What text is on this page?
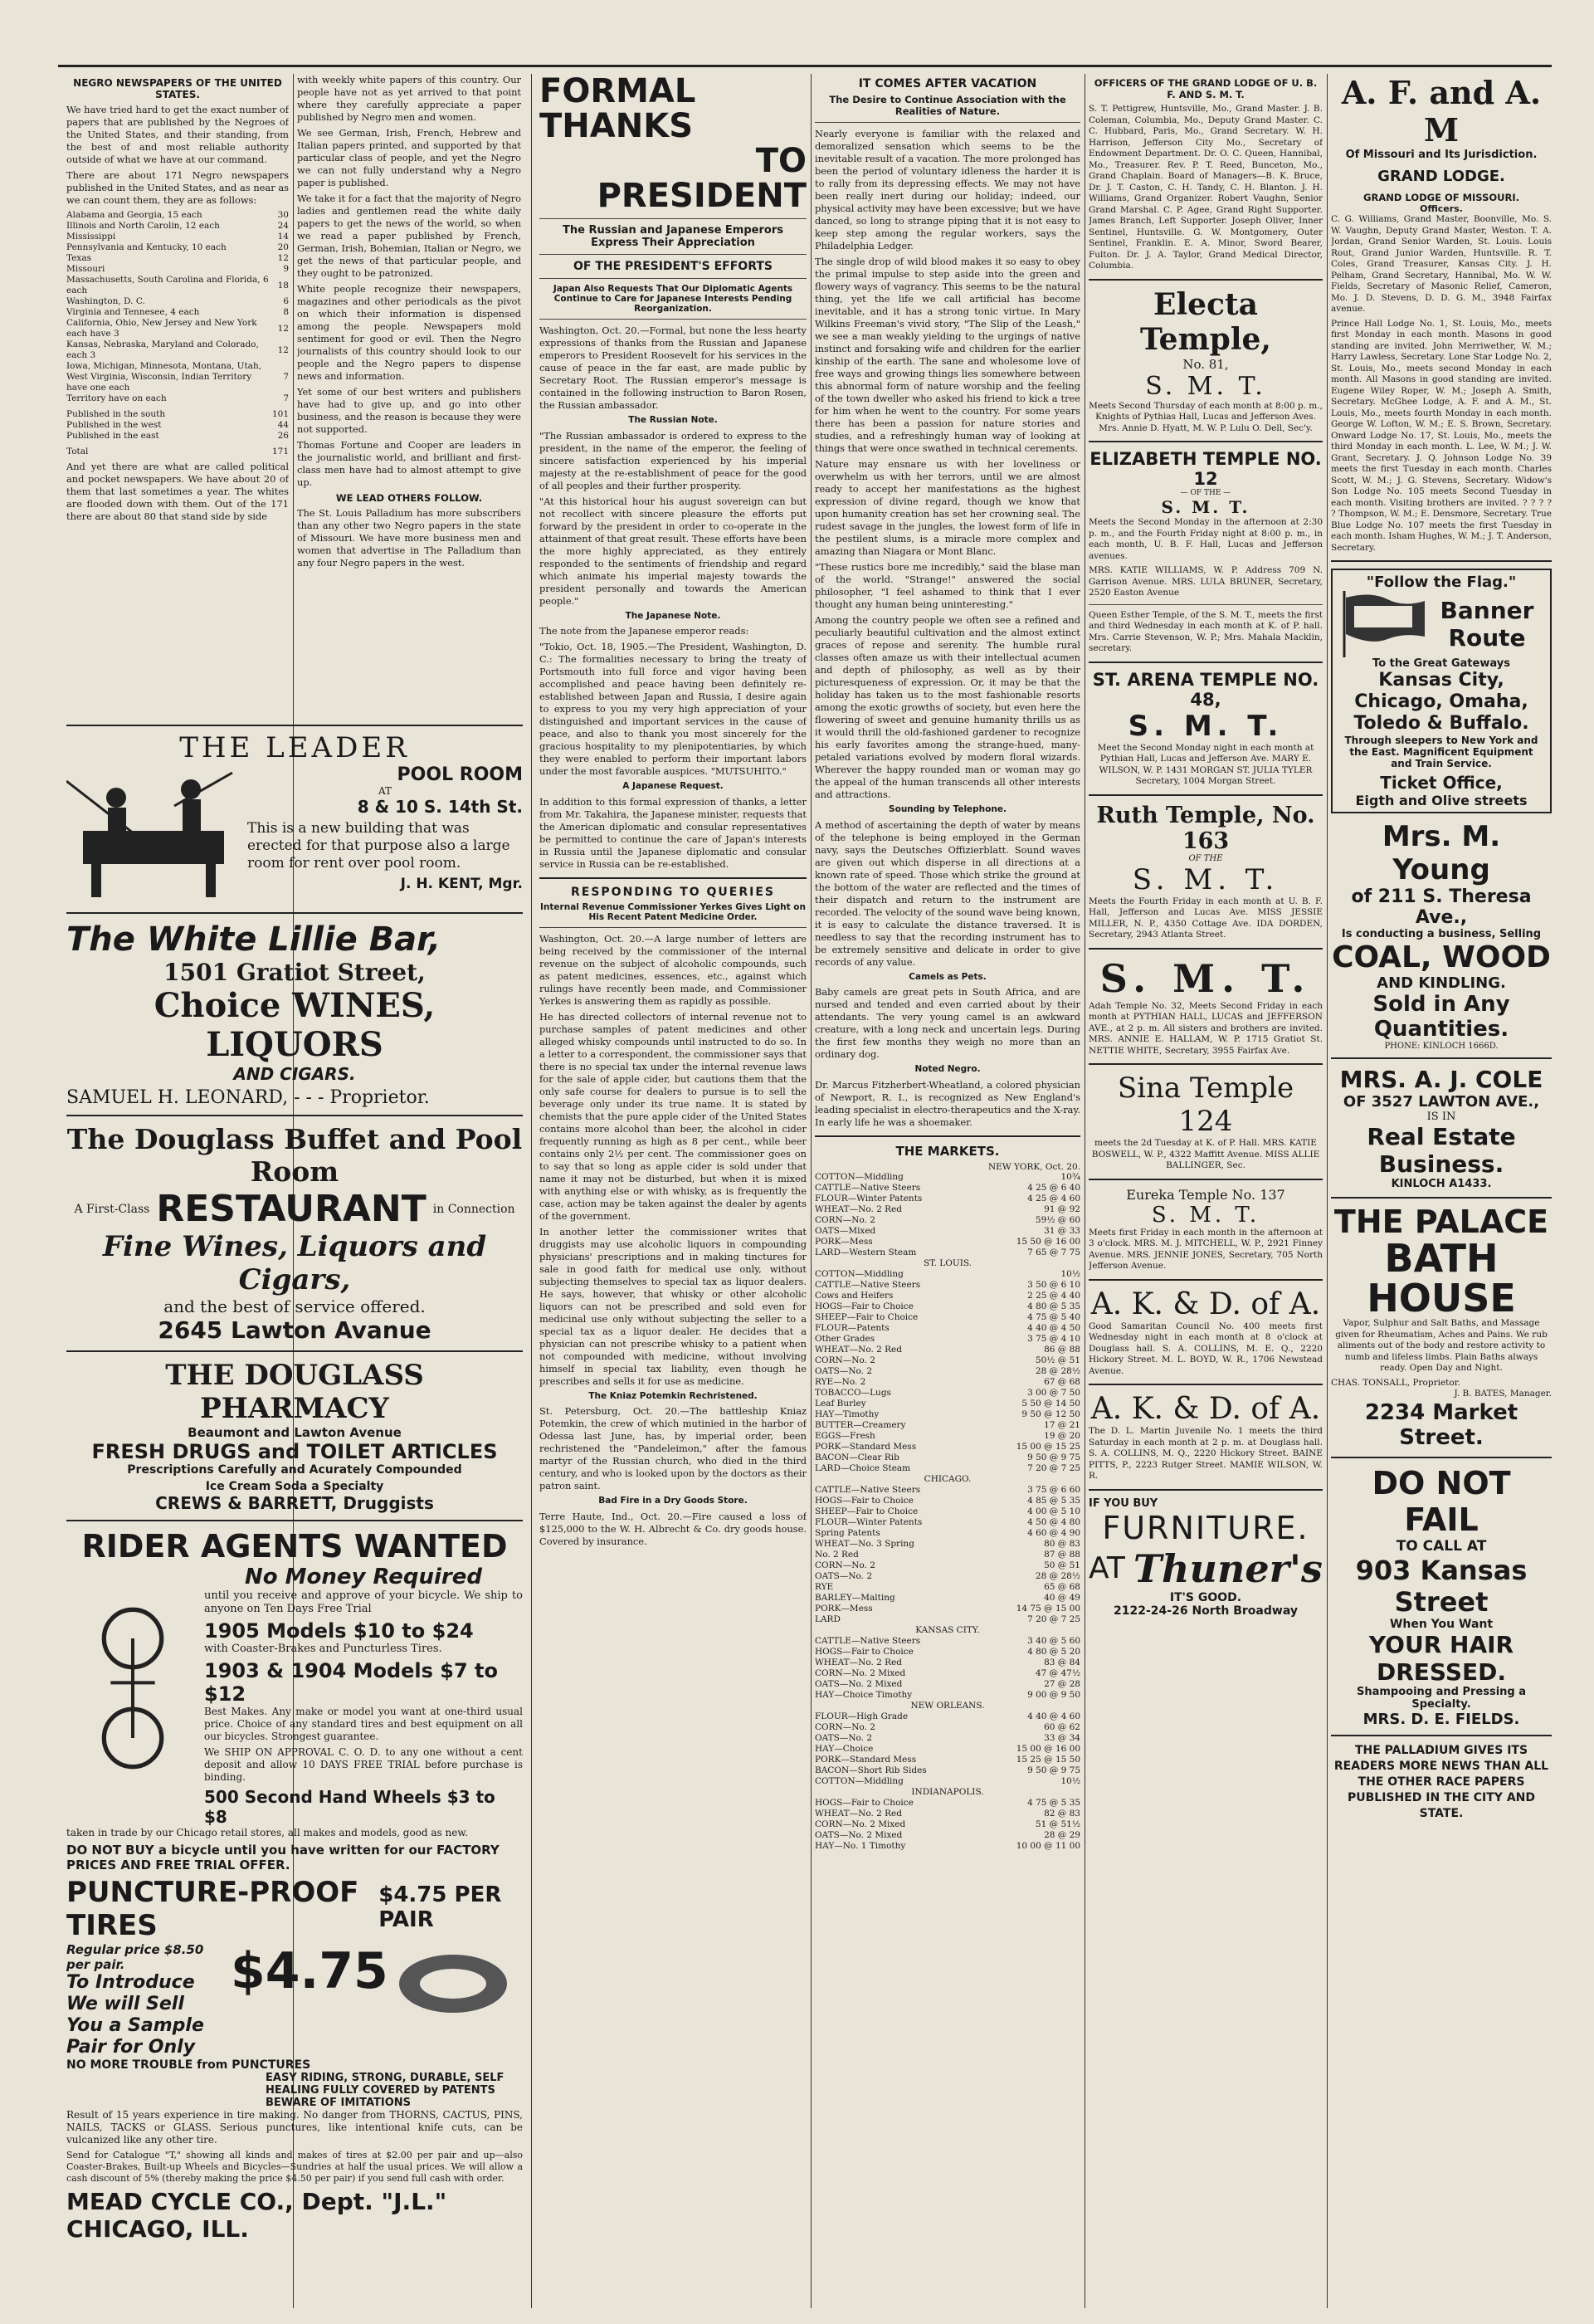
NEGRO NEWSPAPERS OF THE UNITED STATES.

We have tried hard to get the exact number of papers that are published by the Negroes of the United States, and their standing, from the best of and most reliable authority outside of what we have at our command.

There are about 171 Negro newspapers published in the United States, and as near as we can count them, they are as follows:

Alabama and Georgia, 15 each	30
Illinois and North Carolin, 12 each	24
Mississippi	14
Pennsylvania and Kentucky, 10 each	20
Texas	12
Missouri	9
Massachusetts, South Carolina and Florida, 6 each	18
Washington, D. C.	6
Virginia and Tennesee, 4 each	8
California, Ohio, New Jersey and New York each have 3	12
Kansas, Nebraska, Maryland and Colorado, each 3	12
Iowa, Michigan, Minnesota, Montana, Utah, West Virginia, Wisconsin, Indian Territory have one each	7
Territory have on each	7
Published in the south	101
Published in the west	44
Published in the east	26
Total	171

And yet there are what are called political and pocket newspapers. We have about 20 of them that last sometimes a year. The whites are flooded down with them. Out of the 171 there are about 80 that stand side by side

with weekly white papers of this country. Our people have not as yet arrived to that point where they carefully appreciate a paper published by Negro men and women.

We see German, Irish, French, Hebrew and Italian papers printed, and supported by that particular class of people, and yet the Negro we can not fully understand why a Negro paper is published.

We take it for a fact that the majority of Negro ladies and gentlemen read the white daily papers to get the news of the world, so when we read a paper published by French, German, Irish, Bohemian, Italian or Negro, we get the news of that particular people, and they ought to be patronized.

White people recognize their newspapers, magazines and other periodicals as the pivot on which their information is dispensed among the people. Newspapers mold sentiment for good or evil. Then the Negro journalists of this country should look to our people and the Negro papers to dispense news and information.

Yet some of our best writers and publishers have had to give up, and go into other business, and the reason is because they were not supported.

Thomas Fortune and Cooper are leaders in the journalistic world, and brilliant and first-class men have had to almost attempt to give up.

WE LEAD OTHERS FOLLOW.

The St. Louis Palladium has more subscribers than any other two Negro papers in the state of Missouri. We have more business men and women that advertise in The Palladium than any four Negro papers in the west.

THE LEADER
POOL ROOM
AT
8 & 10 S. 14th St.

This is a new building that was erected for that purpose also a large room for rent over pool room.

J. H. KENT, Mgr.
The White Lillie Bar,
1501 Gratiot Street,
Choice WINES, LIQUORS
AND CIGARS.
SAMUEL H. LEONARD, - - - Proprietor.
The Douglass Buffet and Pool Room
A First-Class RESTAURANT in Connection
Fine Wines, Liquors and Cigars,
and the best of service offered.
2645 Lawton Avanue
THE DOUGLASS PHARMACY
Beaumont and Lawton Avenue
FRESH DRUGS and TOILET ARTICLES
Prescriptions Carefully and Acurately Compounded
Ice Cream Soda a Specialty
CREWS & BARRETT, Druggists
RIDER AGENTS WANTED
No Money Required

until you receive and approve of your bicycle. We ship to anyone on Ten Days Free Trial

1905 Models $10 to $24

with Coaster-Brakes and Puncturless Tires.

1903 & 1904 Models $7 to $12

Best Makes. Any make or model you want at one-third usual price. Choice of any standard tires and best equipment on all our bicycles. Strongest guarantee.

We SHIP ON APPROVAL C. O. D. to any one without a cent deposit and allow 10 DAYS FREE TRIAL before purchase is binding.

500 Second Hand Wheels $3 to $8

taken in trade by our Chicago retail stores, all makes and models, good as new.

DO NOT BUY a bicycle until you have written for our FACTORY PRICES AND FREE TRIAL OFFER.
PUNCTURE-PROOF TIRES
$4.75 PER PAIR
Regular price $8.50 per pair.
To Introduce We will Sell You a Sample Pair for Only
$4.75
NO MORE TROUBLE from PUNCTURES
EASY RIDING, STRONG, DURABLE, SELF HEALING FULLY COVERED by PATENTS BEWARE OF IMITATIONS

Result of 15 years experience in tire making. No danger from THORNS, CACTUS, PINS, NAILS, TACKS or GLASS. Serious punctures, like intentional knife cuts, can be vulcanized like any other tire.

Send for Catalogue "T," showing all kinds and makes of tires at $2.00 per pair and up—also Coaster-Brakes, Built-up Wheels and Bicycles—Sundries at half the usual prices. We will allow a cash discount of 5% (thereby making the price $4.50 per pair) if you send full cash with order.

MEAD CYCLE CO., Dept. "J.L." CHICAGO, ILL.
FORMAL THANKS
TO PRESIDENT
The Russian and Japanese Emperors Express Their Appreciation
OF THE PRESIDENT'S EFFORTS
Japan Also Requests That Our Diplomatic Agents Continue to Care for Japanese Interests Pending Reorganization.

Washington, Oct. 20.—Formal, but none the less hearty expressions of thanks from the Russian and Japanese emperors to President Roosevelt for his services in the cause of peace in the far east, are made public by Secretary Root. The Russian emperor's message is contained in the following instruction to Baron Rosen, the Russian ambassador.

The Russian Note.

"The Russian ambassador is ordered to express to the president, in the name of the emperor, the feeling of sincere satisfaction experienced by his imperial majesty at the re-establishment of peace for the good of all peoples and their further prosperity.

"At this historical hour his august sovereign can but not recollect with sincere pleasure the efforts put forward by the president in order to co-operate in the attainment of that great result. These efforts have been the more highly appreciated, as they entirely responded to the sentiments of friendship and regard which animate his imperial majesty towards the president personally and towards the American people."

The Japanese Note.

The note from the Japanese emperor reads:

"Tokio, Oct. 18, 1905.—The President, Washington, D. C.: The formalities necessary to bring the treaty of Portsmouth into full force and vigor having been accomplished and peace having been definitely re-established between Japan and Russia, I desire again to express to you my very high appreciation of your distinguished and important services in the cause of peace, and also to thank you most sincerely for the gracious hospitality to my plenipotentiaries, by which they were enabled to perform their important labors under the most favorable auspices. "MUTSUHITO."

A Japanese Request.

In addition to this formal expression of thanks, a letter from Mr. Takahira, the Japanese minister, requests that the American diplomatic and consular representatives be permitted to continue the care of Japan's interests in Russia until the Japanese diplomatic and consular service in Russia can be re-established.

RESPONDING TO QUERIES
Internal Revenue Commissioner Yerkes Gives Light on His Recent Patent Medicine Order.

Washington, Oct. 20.—A large number of letters are being received by the commissioner of the internal revenue on the subject of alcoholic compounds, such as patent medicines, essences, etc., against which rulings have recently been made, and Commissioner Yerkes is answering them as rapidly as possible.

He has directed collectors of internal revenue not to purchase samples of patent medicines and other alleged whisky compounds until instructed to do so. In a letter to a correspondent, the commissioner says that there is no special tax under the internal revenue laws for the sale of apple cider, but cautions them that the only safe course for dealers to pursue is to sell the beverage only under its true name. It is stated by chemists that the pure apple cider of the United States contains more alcohol than beer, the alcohol in cider frequently running as high as 8 per cent., while beer contains only 2½ per cent. The commissioner goes on to say that so long as apple cider is sold under that name it may not be disturbed, but when it is mixed with anything else or with whisky, as is frequently the case, action may be taken against the dealer by agents of the government.

In another letter the commissioner writes that druggists may use alcoholic liquors in compounding physicians' prescriptions and in making tinctures for sale in good faith for medical use only, without subjecting themselves to special tax as liquor dealers. He says, however, that whisky or other alcoholic liquors can not be prescribed and sold even for medicinal use only without subjecting the seller to a special tax as a liquor dealer. He decides that a physician can not prescribe whisky to a patient when not compounded with medicine, without involving himself in special tax liability, even though he prescribes and sells it for use as medicine.

The Kniaz Potemkin Rechristened.

St. Petersburg, Oct. 20.—The battleship Kniaz Potemkin, the crew of which mutinied in the harbor of Odessa last June, has, by imperial order, been rechristened the "Pandeleimon," after the famous martyr of the Russian church, who died in the third century, and who is looked upon by the doctors as their patron saint.

Bad Fire in a Dry Goods Store.

Terre Haute, Ind., Oct. 20.—Fire caused a loss of $125,000 to the W. H. Albrecht & Co. dry goods house. Covered by insurance.

IT COMES AFTER VACATION
The Desire to Continue Association with the Realities of Nature.

Nearly everyone is familiar with the relaxed and demoralized sensation which seems to be the inevitable result of a vacation. The more prolonged has been the period of voluntary idleness the harder it is to rally from its depressing effects. We may not have been really inert during our holiday; indeed, our physical activity may have been excessive; but we have danced, so long to strange piping that it is not easy to keep step among the regular workers, says the Philadelphia Ledger.

The single drop of wild blood makes it so easy to obey the primal impulse to step aside into the green and flowery ways of vagrancy. This seems to be the natural thing, yet the life we call artificial has become inevitable, and it has a strong tonic virtue. In Mary Wilkins Freeman's vivid story, "The Slip of the Leash," we see a man weakly yielding to the urgings of native instinct and forsaking wife and children for the earlier kinship of the earth. The sane and wholesome love of free ways and growing things lies somewhere between this abnormal form of nature worship and the feeling of the town dweller who asked his friend to kick a tree for him when he went to the country. For some years there has been a passion for nature stories and studies, and a refreshingly human way of looking at things that were once swathed in technical cerements.

Nature may ensnare us with her loveliness or overwhelm us with her terrors, until we are almost ready to accept her manifestations as the highest expression of divine regard, though we know that upon humanity creation has set her crowning seal. The rudest savage in the jungles, the lowest form of life in the pestilent slums, is a miracle more complex and amazing than Niagara or Mont Blanc.

"These rustics bore me incredibly," said the blase man of the world. "Strange!" answered the social philosopher, "I feel ashamed to think that I ever thought any human being uninteresting."

Among the country people we often see a refined and peculiarly beautiful cultivation and the almost extinct graces of repose and serenity. The humble rural classes often amaze us with their intellectual acumen and depth of philosophy, as well as by their picturesqueness of expression. Or, it may be that the holiday has taken us to the most fashionable resorts among the exotic growths of society, but even here the flowering of sweet and genuine humanity thrills us as it would thrill the old-fashioned gardener to recognize his early favorites among the strange-hued, many-petaled variations evolved by modern floral wizards. Wherever the happy rounded man or woman may go the appeal of the human transcends all other interests and attractions.

Sounding by Telephone.

A method of ascertaining the depth of water by means of the telephone is being employed in the German navy, says the Deutsches Offizierblatt. Sound waves are given out which disperse in all directions at a known rate of speed. Those which strike the ground at the bottom of the water are reflected and the times of their dispatch and return to the instrument are recorded. The velocity of the sound wave being known, it is easy to calculate the distance traversed. It is needless to say that the recording instrument has to be extremely sensitive and delicate in order to give records of any value.

Camels as Pets.

Baby camels are great pets in South Africa, and are nursed and tended and even carried about by their attendants. The very young camel is an awkward creature, with a long neck and uncertain legs. During the first few months they weigh no more than an ordinary dog.

Noted Negro.

Dr. Marcus Fitzherbert-Wheatland, a colored physician of Newport, R. I., is recognized as New England's leading specialist in electro-therapeutics and the X-ray. In early life he was a shoemaker.

THE MARKETS.
NEW YORK, Oct. 20.
COTTON—Middling	10¾
CATTLE—Native Steers	4 25 @ 6 40
FLOUR—Winter Patents	4 25 @ 4 60
WHEAT—No. 2 Red	91 @ 92
CORN—No. 2	59½ @ 60
OATS—Mixed	31 @ 33
PORK—Mess	15 50 @ 16 00
LARD—Western Steam	7 65 @ 7 75
ST. LOUIS.	
COTTON—Middling	10½
CATTLE—Native Steers	3 50 @ 6 10
Cows and Heifers	2 25 @ 4 40
HOGS—Fair to Choice	4 80 @ 5 35
SHEEP—Fair to Choice	4 75 @ 5 40
FLOUR—Patents	4 40 @ 4 50
Other Grades	3 75 @ 4 10
WHEAT—No. 2 Red	86 @ 88
CORN—No. 2	50½ @ 51
OATS—No. 2	28 @ 28½
RYE—No. 2	67 @ 68
TOBACCO—Lugs	3 00 @ 7 50
Leaf Burley	5 50 @ 14 50
HAY—Timothy	9 50 @ 12 50
BUTTER—Creamery	17 @ 21
EGGS—Fresh	19 @ 20
PORK—Standard Mess	15 00 @ 15 25
BACON—Clear Rib	9 50 @ 9 75
LARD—Choice Steam	7 20 @ 7 25
CHICAGO.	
CATTLE—Native Steers	3 75 @ 6 60
HOGS—Fair to Choice	4 85 @ 5 35
SHEEP—Fair to Choice	4 00 @ 5 10
FLOUR—Winter Patents	4 50 @ 4 80
Spring Patents	4 60 @ 4 90
WHEAT—No. 3 Spring	80 @ 83
No. 2 Red	87 @ 88
CORN—No. 2	50 @ 51
OATS—No. 2	28 @ 28½
RYE	65 @ 68
BARLEY—Malting	40 @ 49
PORK—Mess	14 75 @ 15 00
LARD	7 20 @ 7 25
KANSAS CITY.	
CATTLE—Native Steers	3 40 @ 5 60
HOGS—Fair to Choice	4 80 @ 5 20
WHEAT—No. 2 Red	83 @ 84
CORN—No. 2 Mixed	47 @ 47½
OATS—No. 2 Mixed	27 @ 28
HAY—Choice Timothy	9 00 @ 9 50
NEW ORLEANS.	
FLOUR—High Grade	4 40 @ 4 60
CORN—No. 2	60 @ 62
OATS—No. 2	33 @ 34
HAY—Choice	15 00 @ 16 00
PORK—Standard Mess	15 25 @ 15 50
BACON—Short Rib Sides	9 50 @ 9 75
COTTON—Middling	10½
INDIANAPOLIS.	
HOGS—Fair to Choice	4 75 @ 5 35
WHEAT—No. 2 Red	82 @ 83
CORN—No. 2 Mixed	51 @ 51½
OATS—No. 2 Mixed	28 @ 29
HAY—No. 1 Timothy	10 00 @ 11 00
OFFICERS OF THE GRAND LODGE OF U. B. F. AND S. M. T.

S. T. Pettigrew, Huntsville, Mo., Grand Master. J. B. Coleman, Columbia, Mo., Deputy Grand Master. C. C. Hubbard, Paris, Mo., Grand Secretary. W. H. Harrison, Jefferson City Mo., Secretary of Endowment Department. Dr. O. C. Queen, Hannibal, Mo., Treasurer. Rev. P. T. Reed, Bunceton, Mo., Grand Chaplain. Board of Managers—B. K. Bruce, Dr. J. T. Caston, C. H. Tandy, C. H. Blanton. J. H. Williams, Grand Organizer. Robert Vaughn, Senior Grand Marshal. C. P. Agee, Grand Right Supporter. James Branch, Left Supporter. Joseph Oliver, Inner Sentinel, Huntsville. G. W. Montgomery, Outer Sentinel, Franklin. E. A. Minor, Sword Bearer, Fulton. Dr. J. A. Taylor, Grand Medical Director, Columbia.

Electa Temple,
No. 81,
S. M. T.

Meets Second Thursday of each month at 8:00 p. m., Knights of Pythias Hall, Lucas and Jefferson Aves. Mrs. Annie D. Hyatt, M. W. P. Lulu O. Dell, Sec'y.

ELIZABETH TEMPLE NO. 12
— OF THE —
S. M. T.

Meets the Second Monday in the afternoon at 2:30 p. m., and the Fourth Friday night at 8:00 p. m., in each month, U. B. F. Hall, Lucas and Jefferson avenues.

MRS. KATIE WILLIAMS, W. P. Address 709 N. Garrison Avenue. MRS. LULA BRUNER, Secretary, 2520 Easton Avenue

Queen Esther Temple, of the S. M. T., meets the first and third Wednesday in each month at K. of P. hall. Mrs. Carrie Stevenson, W. P.; Mrs. Mahala Macklin, secretary.

ST. ARENA TEMPLE NO. 48,
S. M. T.

Meet the Second Monday night in each month at Pythian Hall, Lucas and Jefferson Ave. MARY E. WILSON, W. P. 1431 MORGAN ST. JULIA TYLER Secretary, 1004 Morgan Street.

Ruth Temple, No. 163
OF THE
S. M. T.

Meets the Fourth Friday in each month at U. B. F. Hall, Jefferson and Lucas Ave. MISS JESSIE MILLER, N. P., 4350 Cottage Ave. IDA DORDEN, Secretary, 2943 Atlanta Street.

S. M. T.

Adah Temple No. 32, Meets Second Friday in each month at PYTHIAN HALL, LUCAS and JEFFERSON AVE., at 2 p. m. All sisters and brothers are invited. MRS. ANNIE E. HALLAM, W. P. 1715 Gratiot St. NETTIE WHITE, Secretary, 3955 Fairfax Ave.

Sina Temple 124

meets the 2d Tuesday at K. of P. Hall. MRS. KATIE BOSWELL, W. P., 4322 Maffitt Avenue. MISS ALLIE BALLINGER, Sec.

Eureka Temple No. 137
S. M. T.

Meets first Friday in each month in the afternoon at 3 o'clock. MRS. M. J. MITCHELL, W. P., 2921 Finney Avenue. MRS. JENNIE JONES, Secretary, 705 North Jefferson Avenue.

A. K. & D. of A.

Good Samaritan Council No. 400 meets first Wednesday night in each month at 8 o'clock at Douglass hall. S. A. COLLINS, M. E. Q., 2220 Hickory Street. M. L. BOYD, W. R., 1706 Newstead Avenue.

A. K. & D. of A.

The D. L. Martin Juvenile No. 1 meets the third Saturday in each month at 2 p. m. at Douglass hall. S. A. COLLINS, M. Q., 2220 Hickory Street. BAINE PITTS, P., 2223 Rutger Street. MAMIE WILSON, W. R.

IF YOU BUY
FURNITURE.
AT Thuner's
IT'S GOOD.
2122-24-26 North Broadway
A. F. and A. M
Of Missouri and Its Jurisdiction.
GRAND LODGE.
GRAND LODGE OF MISSOURI.
Officers.

C. G. Williams, Grand Master, Boonville, Mo. S. W. Vaughn, Deputy Grand Master, Weston. T. A. Jordan, Grand Senior Warden, St. Louis. Louis Rout, Grand Junior Warden, Huntsville. R. T. Coles, Grand Treasurer, Kansas City. J. H. Pelham, Grand Secretary, Hannibal, Mo. W. W. Fields, Secretary of Masonic Relief, Cameron, Mo. J. D. Stevens, D. D. G. M., 3948 Fairfax avenue.

Prince Hall Lodge No. 1, St. Louis, Mo., meets first Monday in each month. Masons in good standing are invited. John Merriwether, W. M.; Harry Lawless, Secretary. Lone Star Lodge No. 2, St. Louis, Mo., meets second Monday in each month. All Masons in good standing are invited. Eugene Wiley Roper, W. M.; Joseph A. Smith, Secretary. McGhee Lodge, A. F. and A. M., St. Louis, Mo., meets fourth Monday in each month. George W. Lofton, W. M.; E. S. Brown, Secretary. Onward Lodge No. 17, St. Louis, Mo., meets the third Monday in each month. L. Lee, W. M.; J. W. Grant, Secretary. J. Q. Johnson Lodge No. 39 meets the first Tuesday in each month. Charles Scott, W. M.; J. G. Stevens, Secretary. Widow's Son Lodge No. 105 meets Second Tuesday in each month. Visiting brothers are invited. ? ? ? ? ? Thompson, W. M.; E. Densmore, Secretary. True Blue Lodge No. 107 meets the first Tuesday in each month. Isham Hughes, W. M.; J. T. Anderson, Secretary.

"Follow the Flag."
Banner
Route
To the Great Gateways
Kansas City, Chicago, Omaha, Toledo & Buffalo.
Through sleepers to New York and the East. Magnificent Equipment and Train Service.
Ticket Office,
Eigth and Olive streets
Mrs. M. Young
of 211 S. Theresa Ave.,
Is conducting a business, Selling
COAL, WOOD
AND KINDLING.
Sold in Any Quantities.
PHONE: KINLOCH 1666D.
MRS. A. J. COLE
OF 3527 LAWTON AVE.,
IS IN
Real Estate Business.
KINLOCH A1433.
THE PALACE
BATH HOUSE

Vapor, Sulphur and Salt Baths, and Massage given for Rheumatism, Aches and Pains. We rub aliments out of the body and restore activity to numb and lifeless limbs. Plain Baths always ready. Open Day and Night.

CHAS. TONSALL, Proprietor.
J. B. BATES, Manager.
2234 Market Street.
DO NOT FAIL
TO CALL AT
903 Kansas Street
When You Want
YOUR HAIR DRESSED.
Shampooing and Pressing a Specialty.
MRS. D. E. FIELDS.
THE PALLADIUM GIVES ITS READERS MORE NEWS THAN ALL THE OTHER RACE PAPERS PUBLISHED IN THE CITY AND STATE.
